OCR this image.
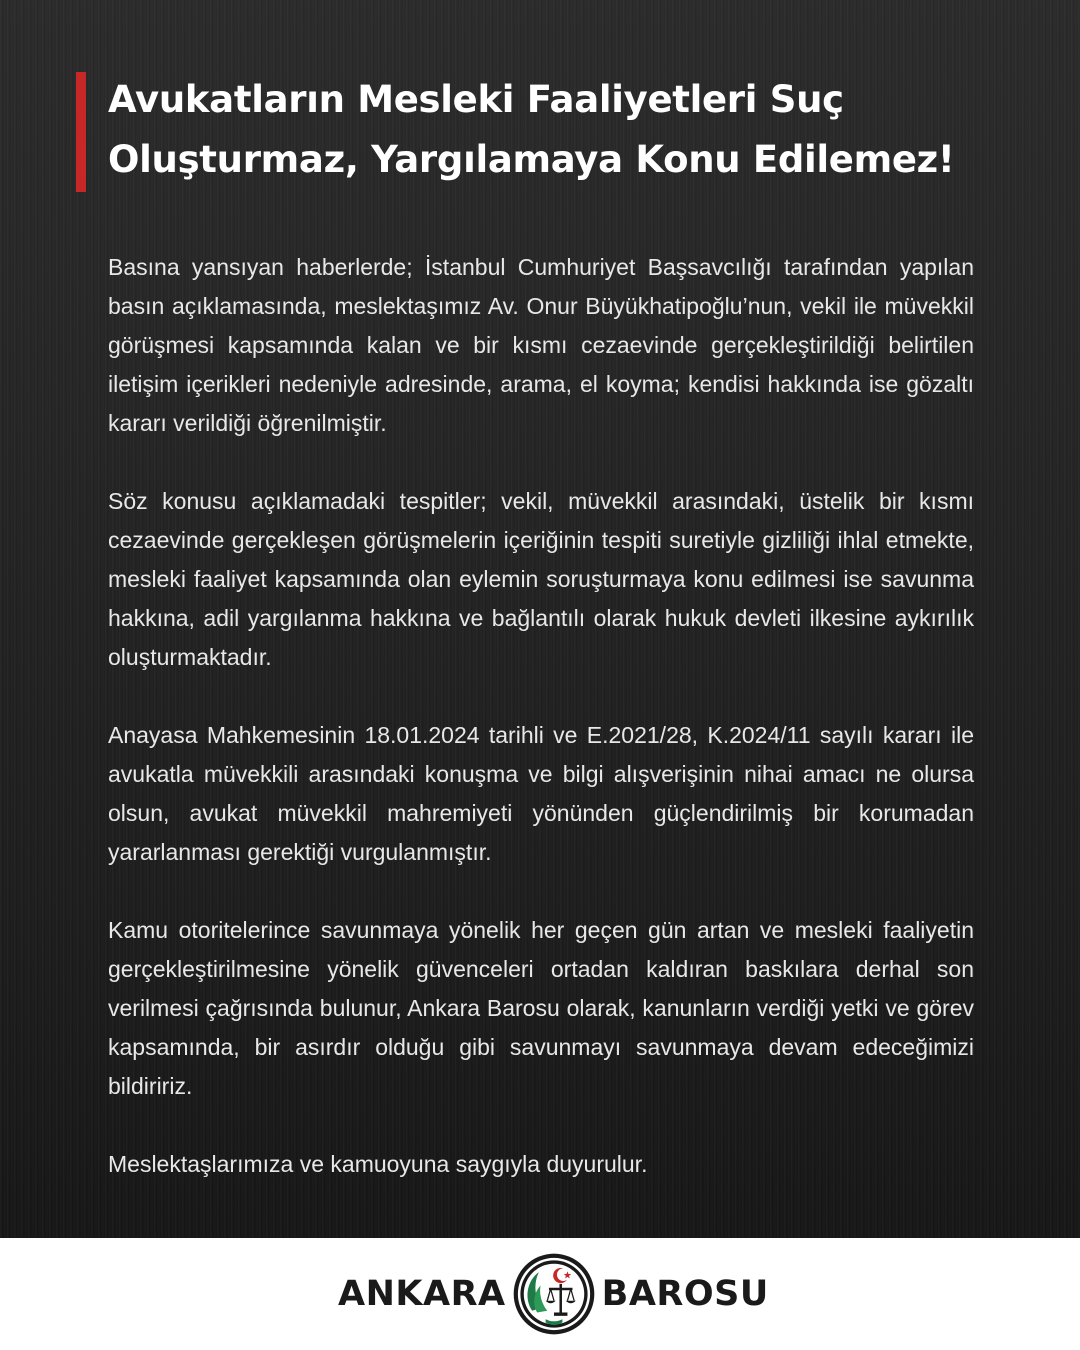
Avukatların Mesleki Faaliyetleri Suç
Oluşturmaz, Yargılamaya Konu Edilemez!

Basına yansıyan haberlerde; İstanbul Cumhuriyet Başsavcılığı tarafından yapılan basın açıklamasında, meslektaşımız Av. Onur Büyükhatipoğlu’nun, vekil ile müvekkil görüşmesi kapsamında kalan ve bir kısmı cezaevinde gerçekleştirildiği belirtilen iletişim içerikleri nedeniyle adresinde, arama, el koyma; kendisi hakkında ise gözaltı kararı verildiği öğrenilmiştir.

Söz konusu açıklamadaki tespitler; vekil, müvekkil arasındaki, üstelik bir kısmı cezaevinde gerçekleşen görüşmelerin içeriğinin tespiti suretiyle gizliliği ihlal etmekte, mesleki faaliyet kapsamında olan eylemin soruşturmaya konu edilmesi ise savunma hakkına, adil yargılanma hakkına ve bağlantılı olarak hukuk devleti ilkesine aykırılık oluşturmaktadır.

Anayasa Mahkemesinin 18.01.2024 tarihli ve E.2021/28, K.2024/11 sayılı kararı ile avukatla müvekkili arasındaki konuşma ve bilgi alışverişinin nihai amacı ne olursa olsun, avukat müvekkil mahremiyeti yönünden güçlendirilmiş bir korumadan yararlanması gerektiği vurgulanmıştır.

Kamu otoritelerince savunmaya yönelik her geçen gün artan ve mesleki faaliyetin gerçekleştirilmesine yönelik güvenceleri ortadan kaldıran baskılara derhal son verilmesi çağrısında bulunur, Ankara Barosu olarak, kanunların verdiği yetki ve görev kapsamında, bir asırdır olduğu gibi savunmayı savunmaya devam edeceğimizi bildiririz.

Meslektaşlarımıza ve kamuoyuna saygıyla duyurulur.

ANKARA	BAROSU
